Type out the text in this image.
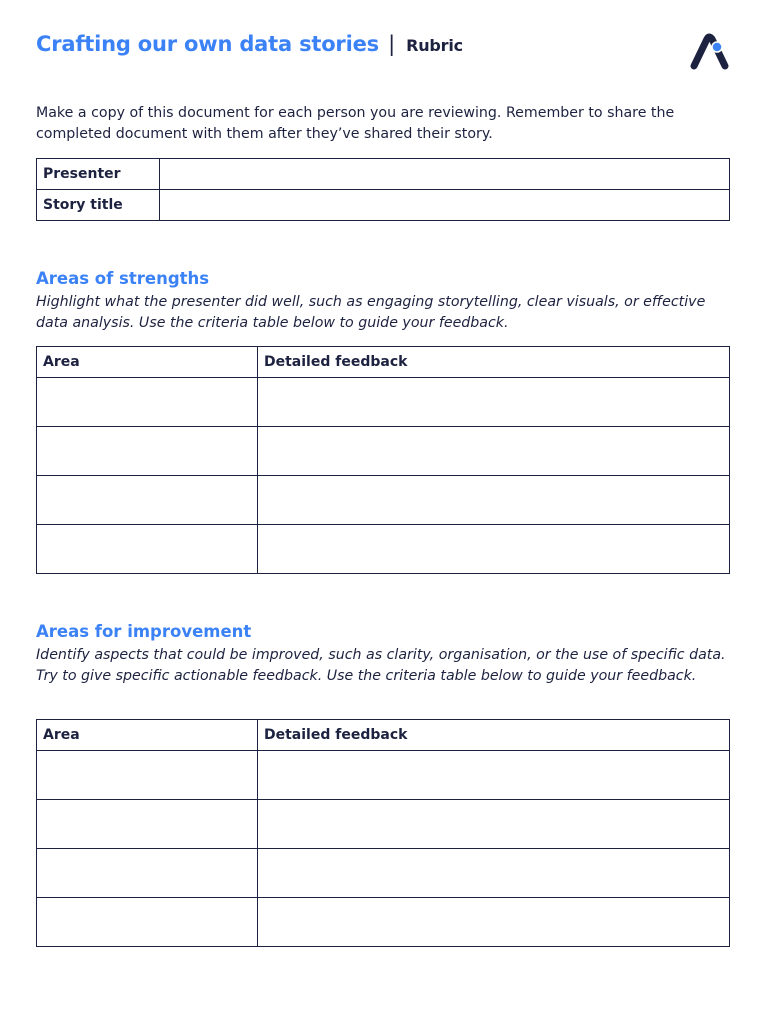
Crafting our own data stories | Rubric
Make a copy of this document for each person you are reviewing. Remember to share the completed document with them after they’ve shared their story.
Presenter	
Story title	
Areas of strengths
Highlight what the presenter did well, such as engaging storytelling, clear visuals, or effective data analysis. Use the criteria table below to guide your feedback.
Area	Detailed feedback

Areas for improvement
Identify aspects that could be improved, such as clarity, organisation, or the use of specific data. Try to give specific actionable feedback. Use the criteria table below to guide your feedback.
Area	Detailed feedback
